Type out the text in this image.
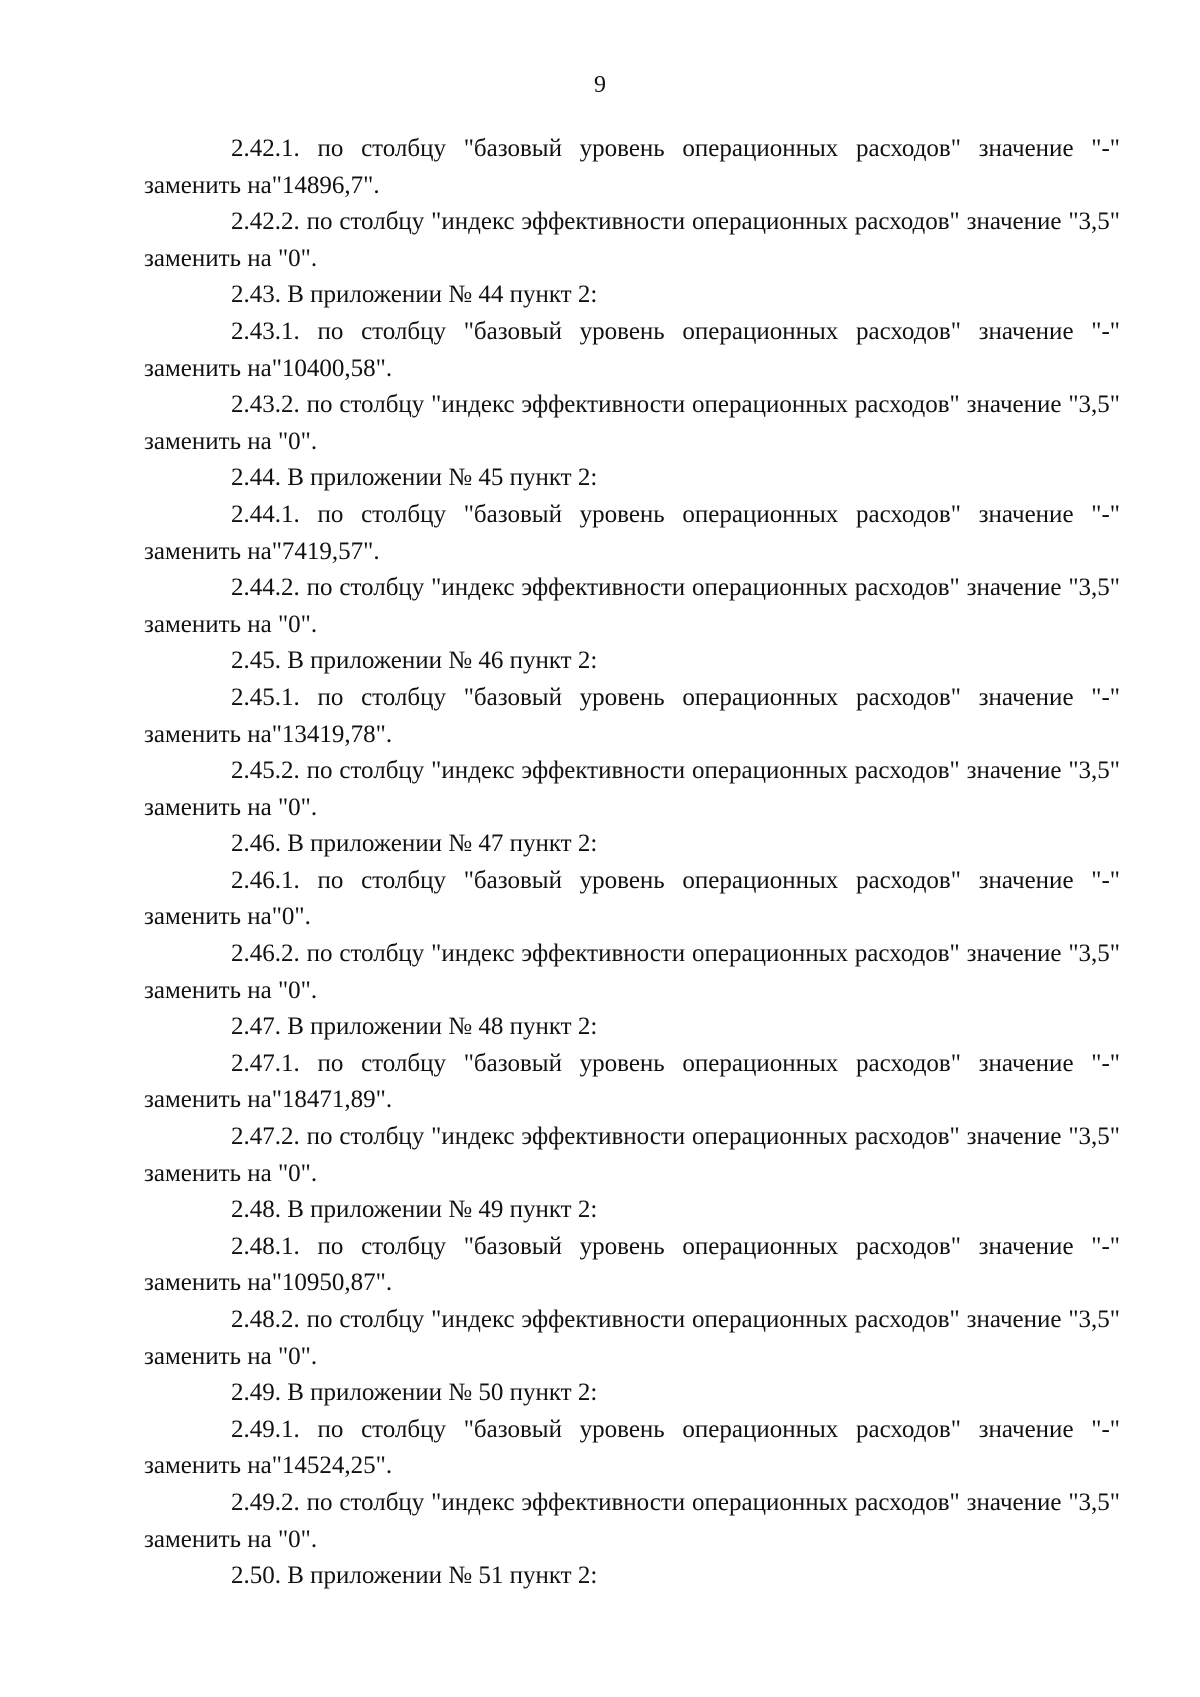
9

2.42.1. по столбцу "базовый уровень операционных расходов" значение "-" заменить на"14896,7".

2.42.2. по столбцу "индекс эффективности операционных расходов" значение "3,5" заменить на "0".

2.43. В приложении № 44 пункт 2:

2.43.1. по столбцу "базовый уровень операционных расходов" значение "-" заменить на"10400,58".

2.43.2. по столбцу "индекс эффективности операционных расходов" значение "3,5" заменить на "0".

2.44. В приложении № 45 пункт 2:

2.44.1. по столбцу "базовый уровень операционных расходов" значение "-" заменить на"7419,57".

2.44.2. по столбцу "индекс эффективности операционных расходов" значение "3,5" заменить на "0".

2.45. В приложении № 46 пункт 2:

2.45.1. по столбцу "базовый уровень операционных расходов" значение "-" заменить на"13419,78".

2.45.2. по столбцу "индекс эффективности операционных расходов" значение "3,5" заменить на "0".

2.46. В приложении № 47 пункт 2:

2.46.1. по столбцу "базовый уровень операционных расходов" значение "-" заменить на"0".

2.46.2. по столбцу "индекс эффективности операционных расходов" значение "3,5" заменить на "0".

2.47. В приложении № 48 пункт 2:

2.47.1. по столбцу "базовый уровень операционных расходов" значение "-" заменить на"18471,89".

2.47.2. по столбцу "индекс эффективности операционных расходов" значение "3,5" заменить на "0".

2.48. В приложении № 49 пункт 2:

2.48.1. по столбцу "базовый уровень операционных расходов" значение "-" заменить на"10950,87".

2.48.2. по столбцу "индекс эффективности операционных расходов" значение "3,5" заменить на "0".

2.49. В приложении № 50 пункт 2:

2.49.1. по столбцу "базовый уровень операционных расходов" значение "-" заменить на"14524,25".

2.49.2. по столбцу "индекс эффективности операционных расходов" значение "3,5" заменить на "0".

2.50. В приложении № 51 пункт 2:
